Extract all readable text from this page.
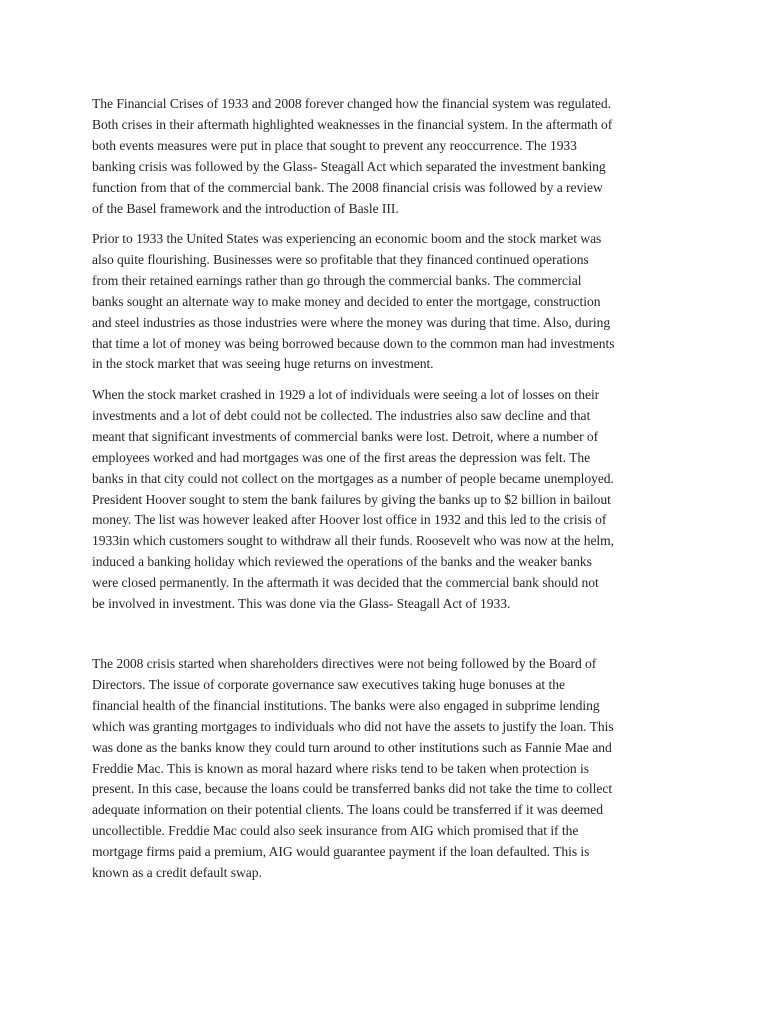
The Financial Crises of 1933 and 2008 forever changed how the financial system was regulated.
Both crises in their aftermath highlighted weaknesses in the financial system. In the aftermath of
both events measures were put in place that sought to prevent any reoccurrence. The 1933
banking crisis was followed by the Glass- Steagall Act which separated the investment banking
function from that of the commercial bank. The 2008 financial crisis was followed by a review
of the Basel framework and the introduction of Basle III.

Prior to 1933 the United States was experiencing an economic boom and the stock market was
also quite flourishing. Businesses were so profitable that they financed continued operations
from their retained earnings rather than go through the commercial banks. The commercial
banks sought an alternate way to make money and decided to enter the mortgage, construction
and steel industries as those industries were where the money was during that time. Also, during
that time a lot of money was being borrowed because down to the common man had investments
in the stock market that was seeing huge returns on investment.

When the stock market crashed in 1929 a lot of individuals were seeing a lot of losses on their
investments and a lot of debt could not be collected. The industries also saw decline and that
meant that significant investments of commercial banks were lost. Detroit, where a number of
employees worked and had mortgages was one of the first areas the depression was felt. The
banks in that city could not collect on the mortgages as a number of people became unemployed.
President Hoover sought to stem the bank failures by giving the banks up to $2 billion in bailout
money. The list was however leaked after Hoover lost office in 1932 and this led to the crisis of
1933in which customers sought to withdraw all their funds. Roosevelt who was now at the helm,
induced a banking holiday which reviewed the operations of the banks and the weaker banks
were closed permanently. In the aftermath it was decided that the commercial bank should not
be involved in investment. This was done via the Glass- Steagall Act of 1933.

The 2008 crisis started when shareholders directives were not being followed by the Board of
Directors. The issue of corporate governance saw executives taking huge bonuses at the
financial health of the financial institutions. The banks were also engaged in subprime lending
which was granting mortgages to individuals who did not have the assets to justify the loan. This
was done as the banks know they could turn around to other institutions such as Fannie Mae and
Freddie Mac. This is known as moral hazard where risks tend to be taken when protection is
present. In this case, because the loans could be transferred banks did not take the time to collect
adequate information on their potential clients. The loans could be transferred if it was deemed
uncollectible. Freddie Mac could also seek insurance from AIG which promised that if the
mortgage firms paid a premium, AIG would guarantee payment if the loan defaulted. This is
known as a credit default swap.
